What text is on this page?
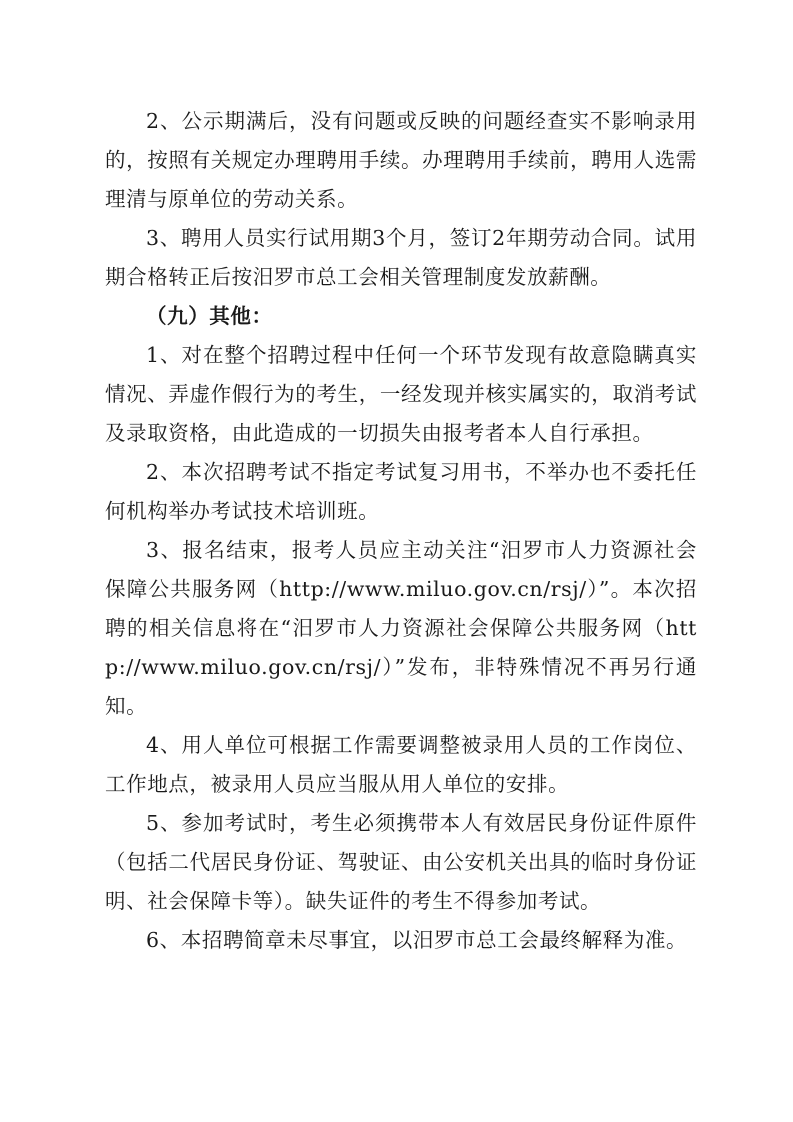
2、公示期满后，没有问题或反映的问题经查实不影响录用的，按照有关规定办理聘用手续。办理聘用手续前，聘用人选需理清与原单位的劳动关系。

3、聘用人员实行试用期3个月，签订2年期劳动合同。试用期合格转正后按汨罗市总工会相关管理制度发放薪酬。

（九）其他：

1、对在整个招聘过程中任何一个环节发现有故意隐瞒真实情况、弄虚作假行为的考生，一经发现并核实属实的，取消考试及录取资格，由此造成的一切损失由报考者本人自行承担。

2、本次招聘考试不指定考试复习用书，不举办也不委托任何机构举办考试技术培训班。

3、报名结束，报考人员应主动关注“汨罗市人力资源社会保障公共服务网（http://www.miluo.gov.cn/rsj/）”。本次招聘的相关信息将在“汨罗市人力资源社会保障公共服务网（http://www.miluo.gov.cn/rsj/）”发布，非特殊情况不再另行通知。

4、用人单位可根据工作需要调整被录用人员的工作岗位、工作地点，被录用人员应当服从用人单位的安排。

5、参加考试时，考生必须携带本人有效居民身份证件原件（包括二代居民身份证、驾驶证、由公安机关出具的临时身份证明、社会保障卡等）。缺失证件的考生不得参加考试。

6、本招聘简章未尽事宜，以汨罗市总工会最终解释为准。
